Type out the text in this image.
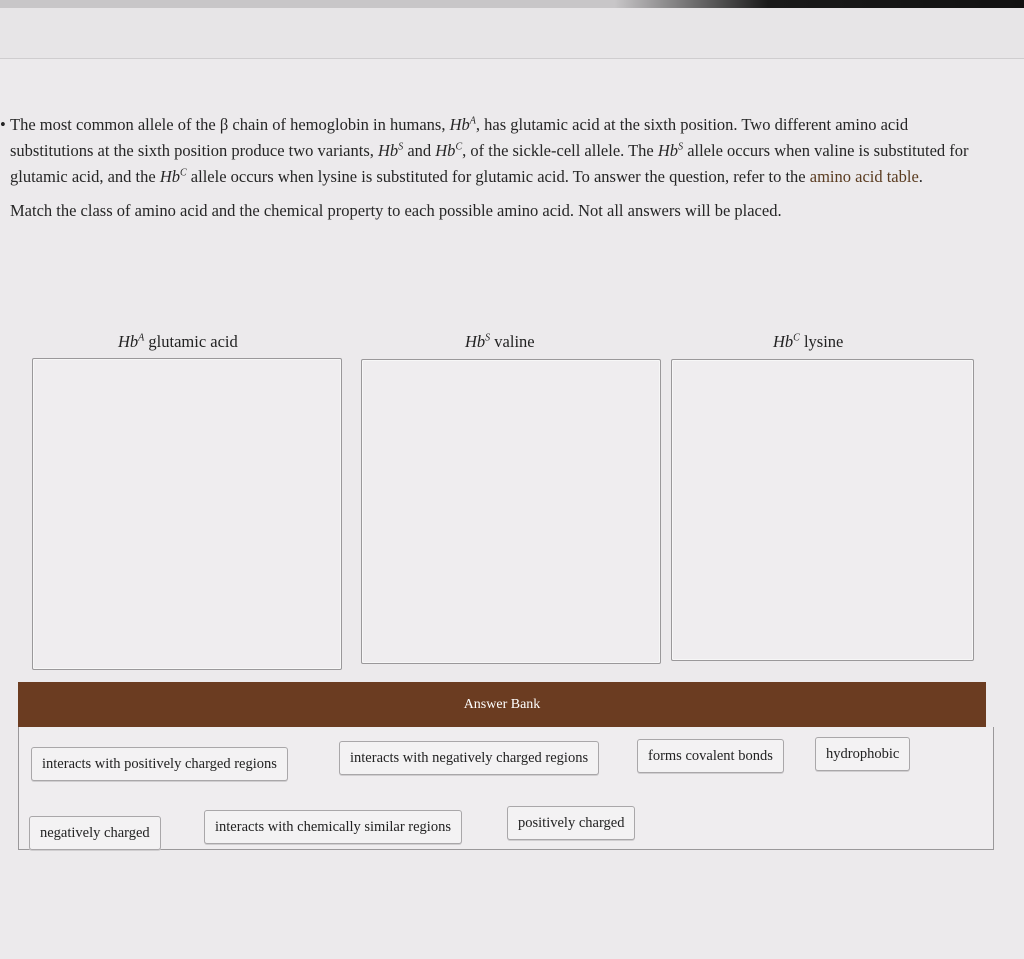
• The most common allele of the β chain of hemoglobin in humans, $Hb^A$, has glutamic acid at the sixth position. Two different amino acid substitutions at the sixth position produce two variants, $Hb^S$ and $Hb^C$, of the sickle-cell allele. The $Hb^S$ allele occurs when valine is substituted for glutamic acid, and the $Hb^C$ allele occurs when lysine is substituted for glutamic acid. To answer the question, refer to the amino acid table.

Match the class of amino acid and the chemical property to each possible amino acid. Not all answers will be placed.

$Hb^A$ glutamic acid	$Hb^S$ valine	$Hb^C$ lysine
Answer Bank
interacts with positively charged regions	interacts with negatively charged regions	forms covalent bonds	hydrophobic
negatively charged	interacts with chemically similar regions	positively charged
